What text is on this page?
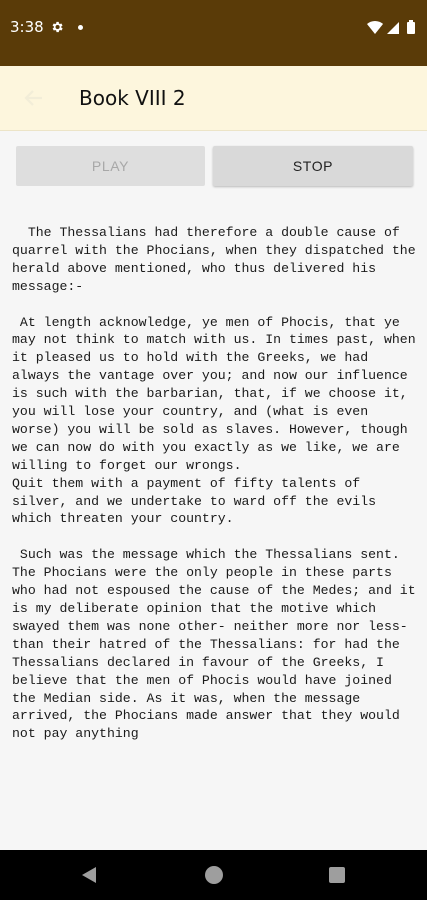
3:38
Book VIII 2
PLAY	STOP

The Thessalians had therefore a double cause of quarrel with the Phocians, when they dispatched the herald above mentioned, who thus delivered his message:-

At length acknowledge, ye men of Phocis, that ye may not think to match with us. In times past, when it pleased us to hold with the Greeks, we had always the vantage over you; and now our influence is such with the barbarian, that, if we choose it, you will lose your country, and (what is even worse) you will be sold as slaves. However, though we can now do with you exactly as we like, we are willing to forget our wrongs.
Quit them with a payment of fifty talents of silver, and we undertake to ward off the evils which threaten your country.

Such was the message which the Thessalians sent. The Phocians were the only people in these parts who had not espoused the cause of the Medes; and it is my deliberate opinion that the motive which swayed them was none other- neither more nor less- than their hatred of the Thessalians: for had the Thessalians declared in favour of the Greeks, I believe that the men of Phocis would have joined the Median side. As it was, when the message arrived, the Phocians made answer that they would not pay anything
